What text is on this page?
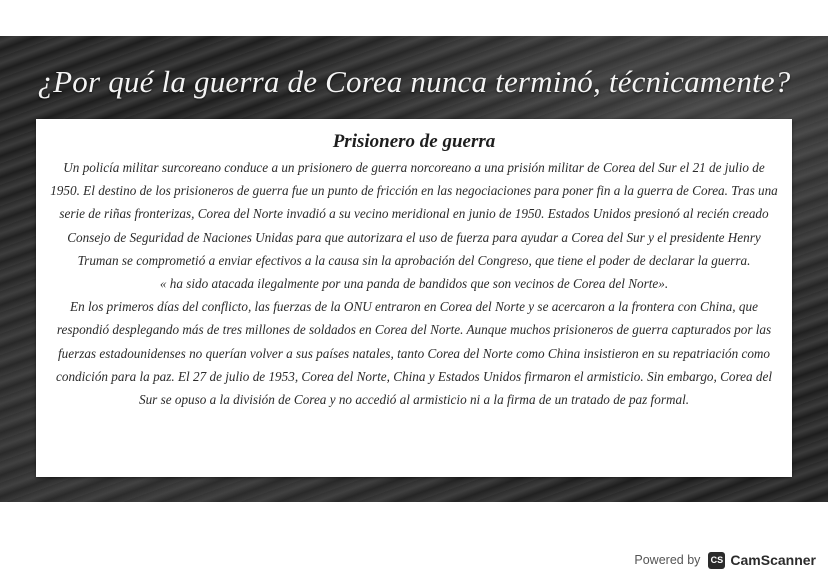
¿Por qué la guerra de Corea nunca terminó, técnicamente?
Prisionero de guerra

Un policía militar surcoreano conduce a un prisionero de guerra norcoreano a una prisión militar de Corea del Sur el 21 de julio de 1950. El destino de los prisioneros de guerra fue un punto de fricción en las negociaciones para poner fin a la guerra de Corea. Tras una serie de riñas fronterizas, Corea del Norte invadió a su vecino meridional en junio de 1950. Estados Unidos presionó al recién creado Consejo de Seguridad de Naciones Unidas para que autorizara el uso de fuerza para ayudar a Corea del Sur y el presidente Henry Truman se comprometió a enviar efectivos a la causa sin la aprobación del Congreso, que tiene el poder de declarar la guerra.

« ha sido atacada ilegalmente por una panda de bandidos que son vecinos de Corea del Norte».

En los primeros días del conflicto, las fuerzas de la ONU entraron en Corea del Norte y se acercaron a la frontera con China, que respondió desplegando más de tres millones de soldados en Corea del Norte. Aunque muchos prisioneros de guerra capturados por las fuerzas estadounidenses no querían volver a sus países natales, tanto Corea del Norte como China insistieron en su repatriación como condición para la paz. El 27 de julio de 1953, Corea del Norte, China y Estados Unidos firmaron el armisticio. Sin embargo, Corea del Sur se opuso a la división de Corea y no accedió al armisticio ni a la firma de un tratado de paz formal.

Powered by CS CamScanner
